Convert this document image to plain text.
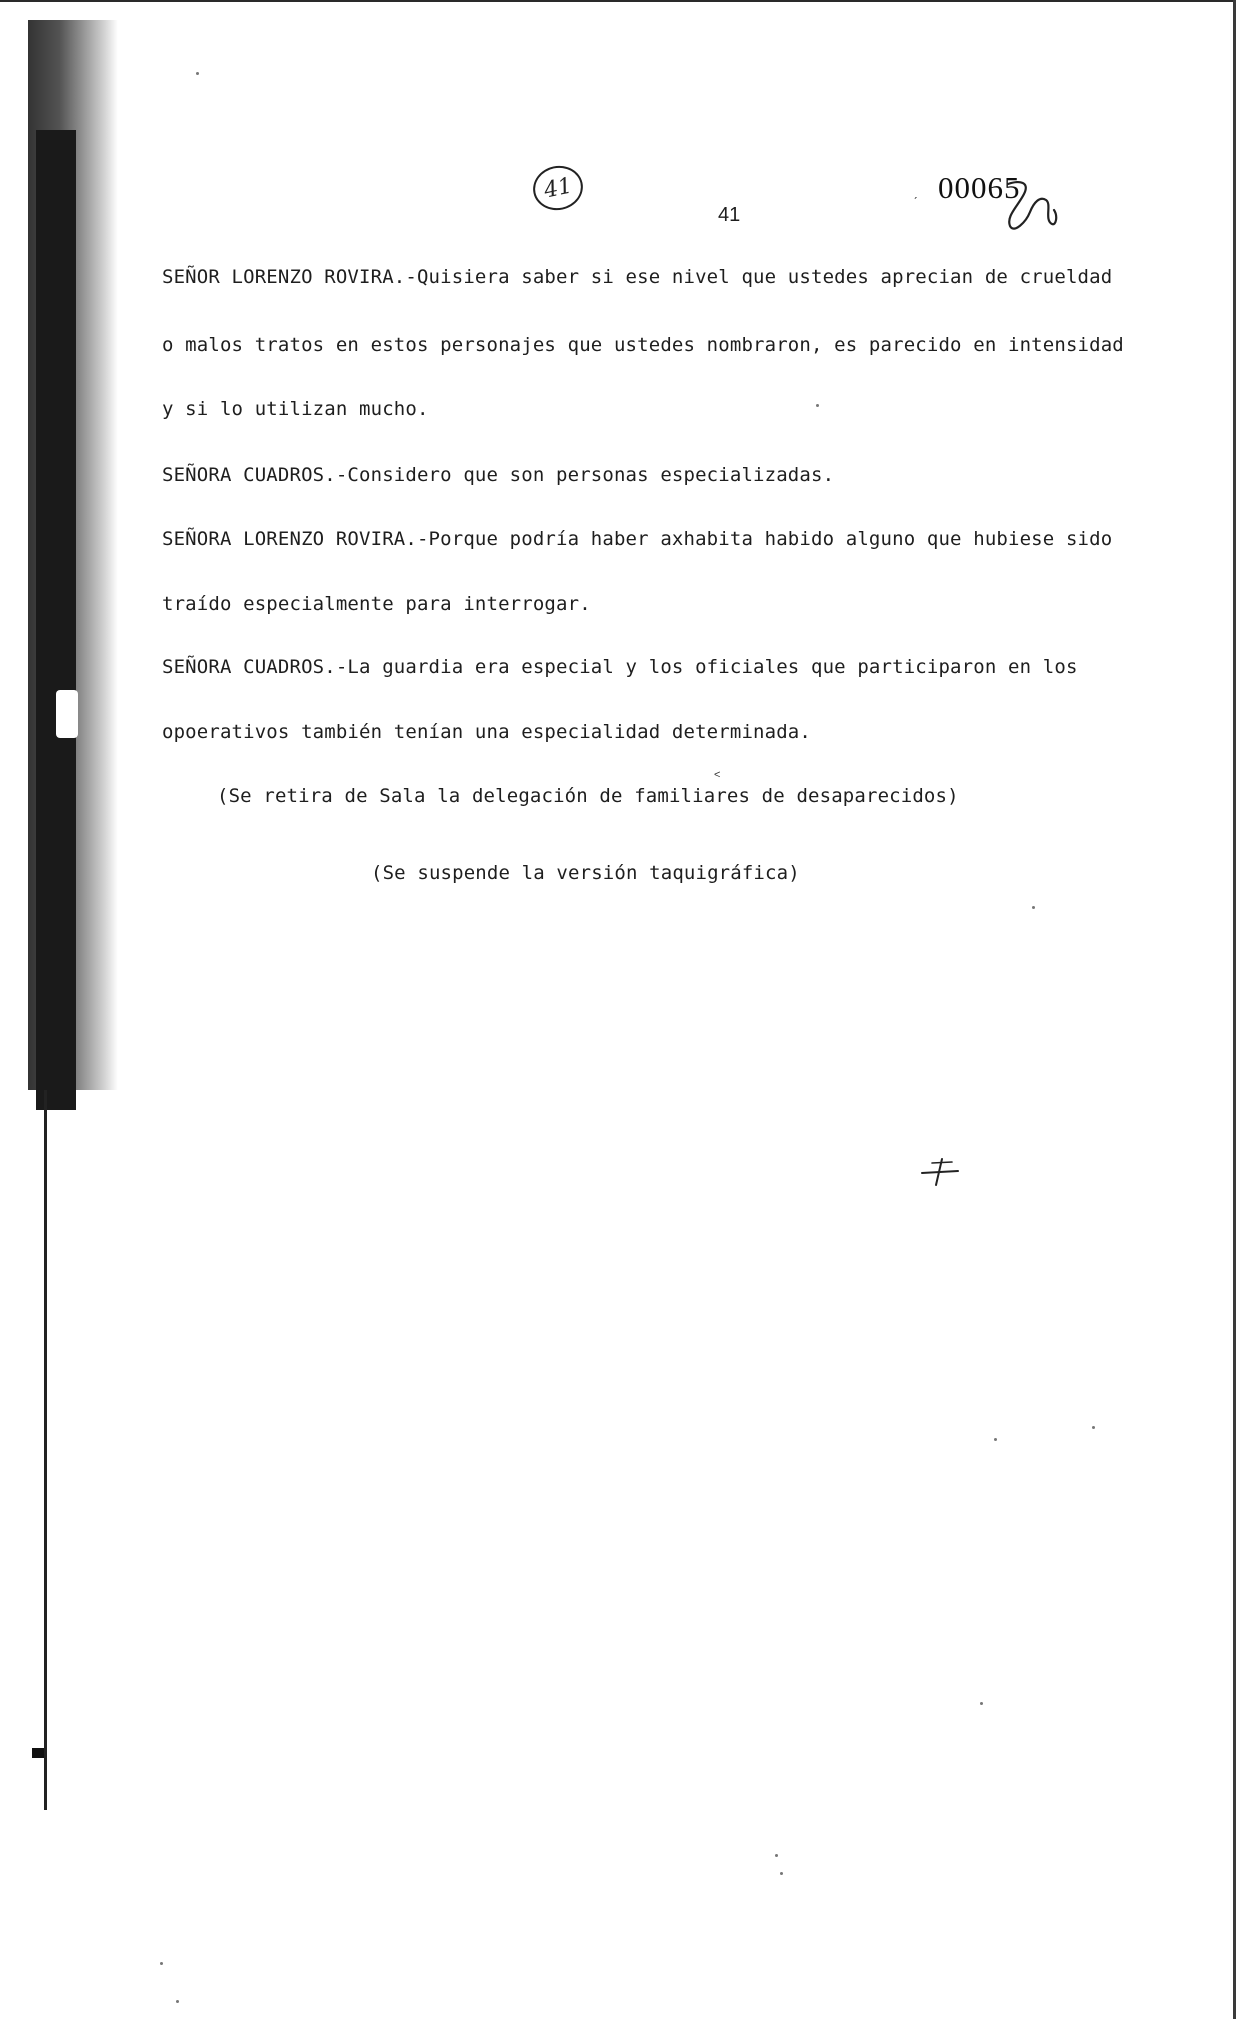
41
41
ˏ 00065
SEÑOR LORENZO ROVIRA.-Quisiera saber si ese nivel que ustedes aprecian de crueldad
o malos tratos en estos personajes que ustedes nombraron, es parecido en intensidad
y si lo utilizan mucho.
SEÑORA CUADROS.-Considero que son personas especializadas.
SEÑORA LORENZO ROVIRA.-Porque podría haber axhabita habido alguno que hubiese sido
traído especialmente para interrogar.
SEÑORA CUADROS.-La guardia era especial y los oficiales que participaron en los
opoerativos también tenían una especialidad determinada.
˂
(Se retira de Sala la delegación de familiares de desaparecidos)
(Se suspende la versión taquigráfica)
